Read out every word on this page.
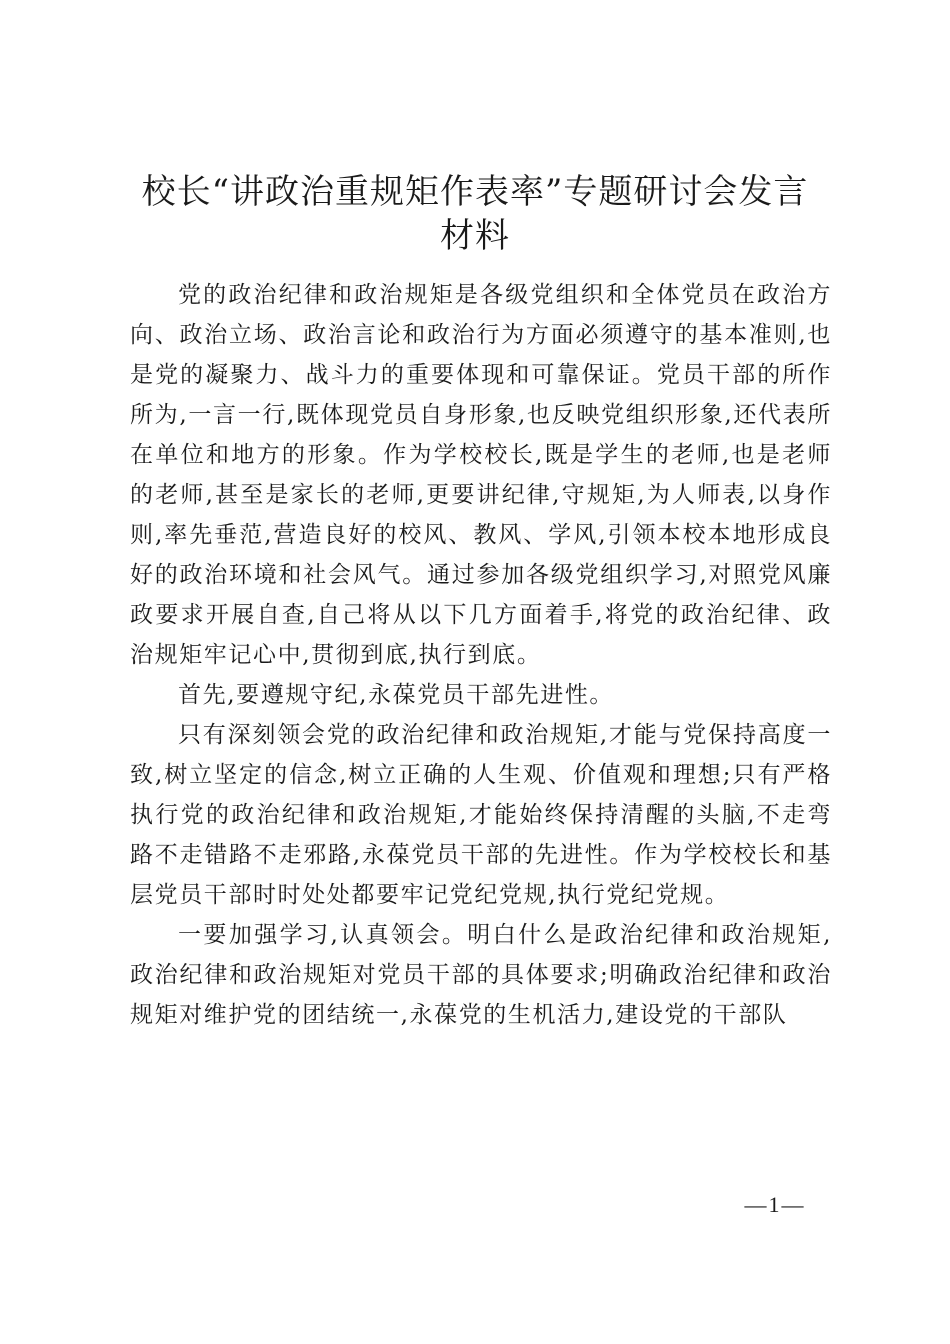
校长“讲政治重规矩作表率”专题研讨会发言
材料

党的政治纪律和政治规矩是各级党组织和全体党员在政治方向、政治立场、政治言论和政治行为方面必须遵守的基本准则,也是党的凝聚力、战斗力的重要体现和可靠保证。党员干部的所作所为,一言一行,既体现党员自身形象,也反映党组织形象,还代表所在单位和地方的形象。作为学校校长,既是学生的老师,也是老师的老师,甚至是家长的老师,更要讲纪律,守规矩,为人师表,以身作则,率先垂范,营造良好的校风、教风、学风,引领本校本地形成良好的政治环境和社会风气。通过参加各级党组织学习,对照党风廉政要求开展自查,自己将从以下几方面着手,将党的政治纪律、政治规矩牢记心中,贯彻到底,执行到底。

首先,要遵规守纪,永葆党员干部先进性。

只有深刻领会党的政治纪律和政治规矩,才能与党保持高度一致,树立坚定的信念,树立正确的人生观、价值观和理想;只有严格执行党的政治纪律和政治规矩,才能始终保持清醒的头脑,不走弯路不走错路不走邪路,永葆党员干部的先进性。作为学校校长和基层党员干部时时处处都要牢记党纪党规,执行党纪党规。

一要加强学习,认真领会。明白什么是政治纪律和政治规矩,政治纪律和政治规矩对党员干部的具体要求;明确政治纪律和政治规矩对维护党的团结统一,永葆党的生机活力,建设党的干部队

—1—
